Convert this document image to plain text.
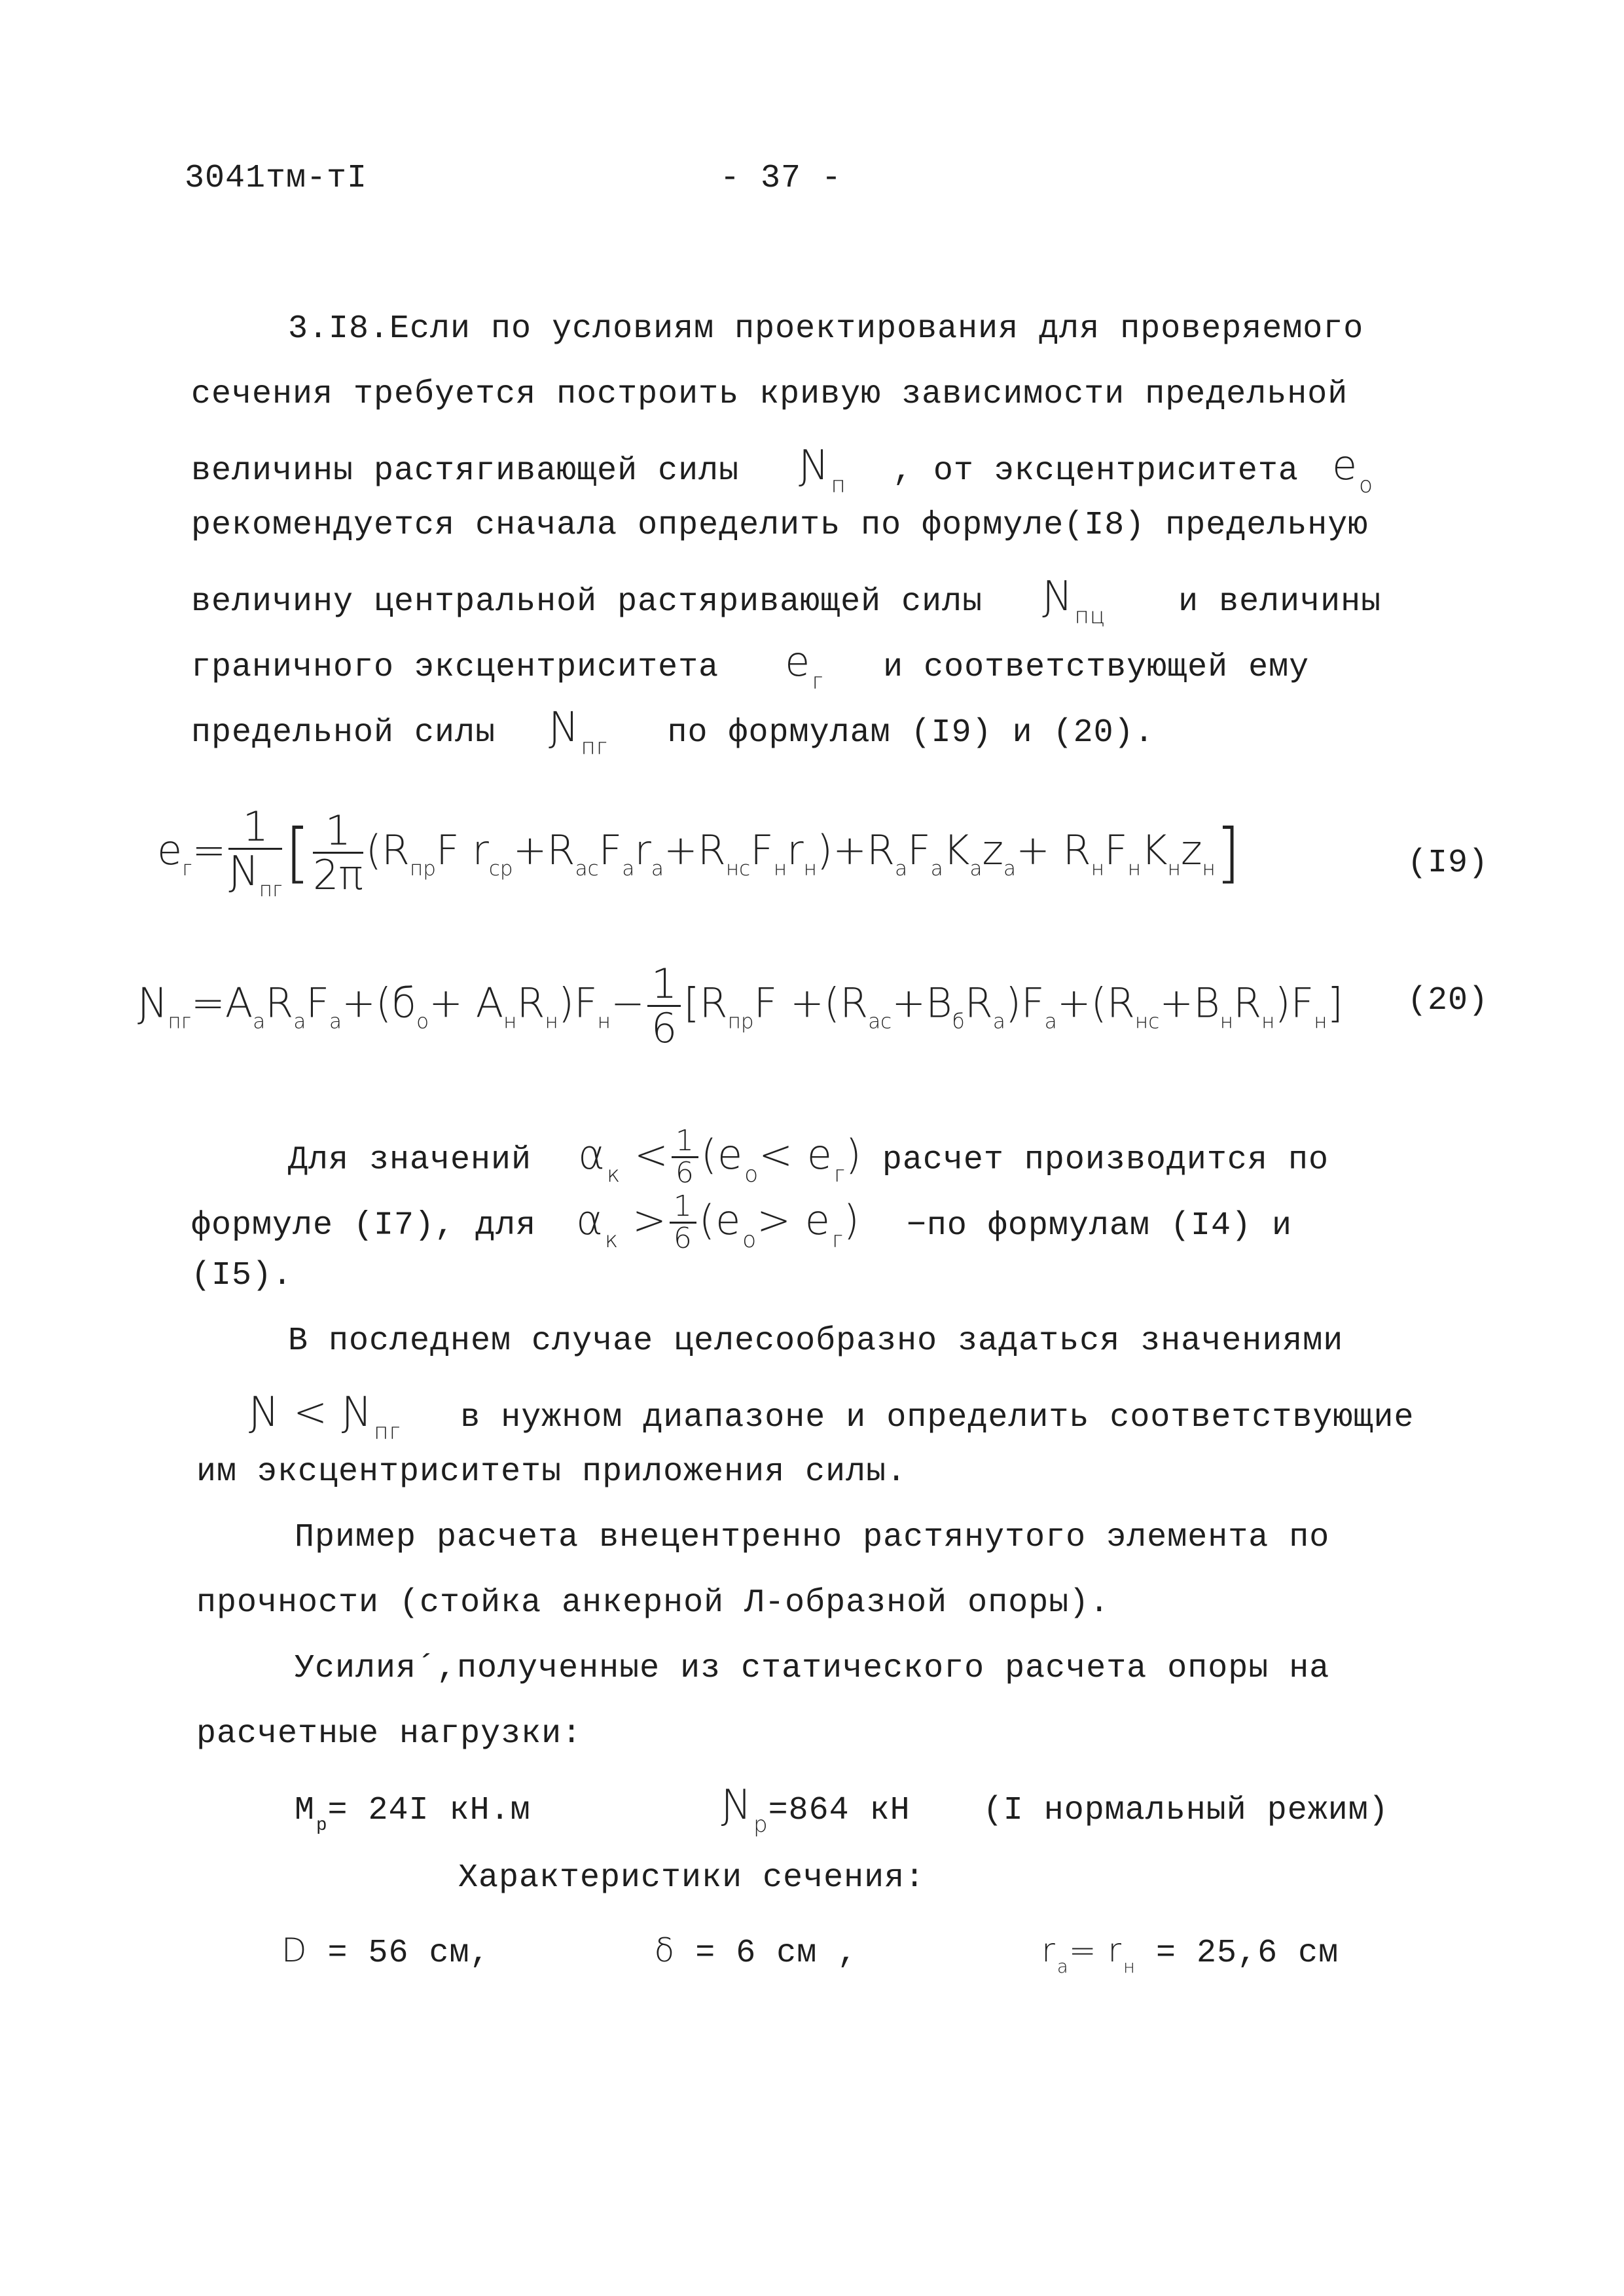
3041тм-тI	- 37 -
3.I8.Если по условиям проектирования для проверяемого
сечения требуется построить кривую зависимости предельной
величины растягивающей силы $Ɲ_п$ , от эксцентриситета $e_о$
рекомендуется сначала определить по формуле(I8) предельную
величину центральной растяривающей силы $Ɲ_{пц}$ и величины
граничного эксцентриситета $e_г$ и соответствующей ему
предельной силы $Ɲ_{пг}$ по формулам (I9) и (20).
$e_г= \frac{1}{Ɲ_{пг}}$ [ $\frac{1}{2\pi} (R_{пр}F$ $r_{ср}+R_{ас}F_аr_а+R_{нс}F_нr_н)+R_аF_аK_аz_а+ R_нF_нK_нz_н$]	(I9)
$Ɲ_{пг}=A_аR_аF_а+(б_о+ A_нR_н)F_н- \frac{1}{6} [R_{пр}F +(R_{ас}+B_бR_а)F_а+(R_{нс}+B_нR_н)F_н]$ (20)
Для значений $\alpha_к < \frac{1}{6} (e_о< e_г)$ расчет производится по
формуле (I7), для $\alpha_к > \frac{1}{6} (e_о> e_г) -по$ формулам (I4) и
(I5).
В последнем случае целесообразно задаться значениями
Ɲ < $Ɲ_{пг}$ в нужном диапазоне и определить соответствующие
им эксцентриситеты приложения силы.
Пример расчета внецентренно растянутого элемента по
прочности (стойка анкерной Л-образной опоры).
Усилия´,полученные из статического расчета опоры на
расчетные нагрузки:
$M_р= 24I$ кН.м	$Ɲ_р=864$ кН (I нормальный режим)
Характеристики сечения:
D = 56 см,	δ = 6 см ,	$r_а= r_н = 25,6$ см
